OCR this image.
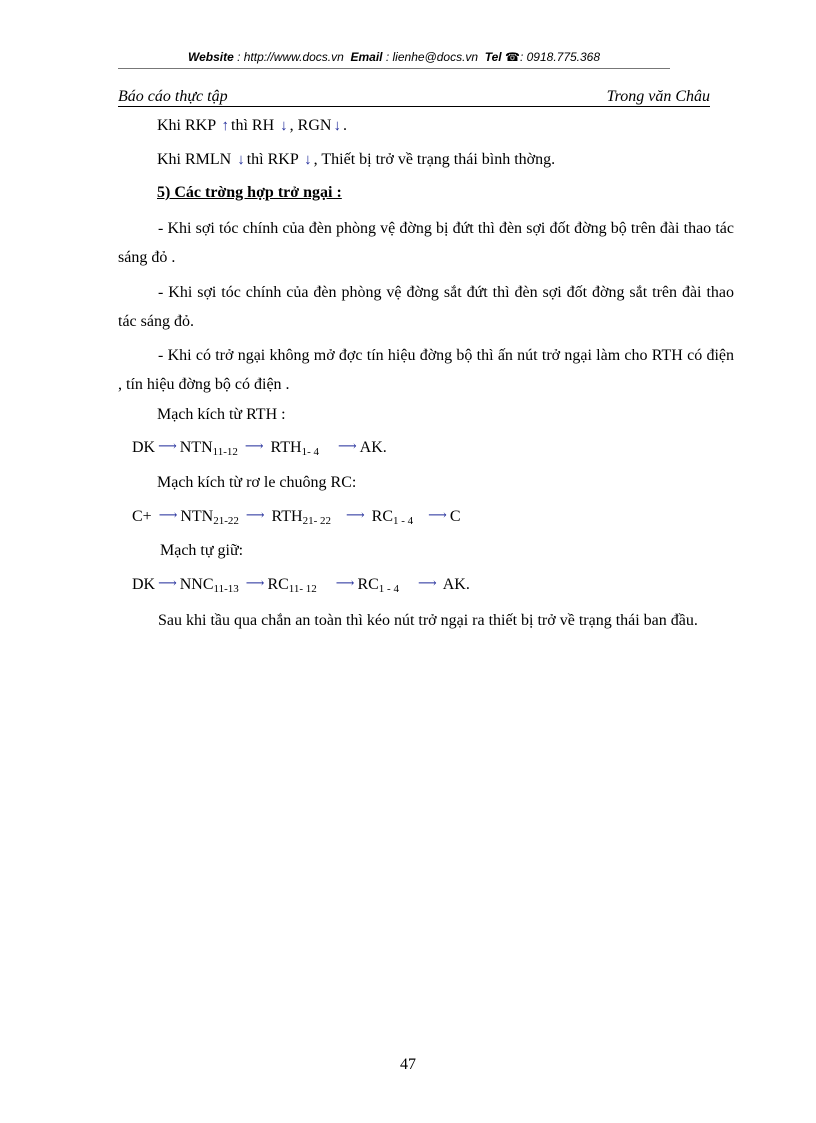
Website : http://www.docs.vn Email : lienhe@docs.vn Tel ☎: 0918.775.368
Báo cáo thực tập	Trong văn Châu
Khi RKP ↑ thì RH ↓ , RGN ↓ .
Khi RMLN ↓ thì RKP ↓ , Thiết bị trở về trạng thái bình thờng.
5) Các trờng hợp trở ngại :
- Khi sợi tóc chính của đèn phòng vệ đờng bị đứt thì đèn sợi đốt đờng bộ trên đài thao tác sáng đỏ .
- Khi sợi tóc chính của đèn phòng vệ đờng sắt đứt thì đèn sợi đốt đờng sắt trên đài thao tác sáng đỏ.
- Khi có trở ngại không mở đợc tín hiệu đờng bộ thì ấn nút trở ngại làm cho RTH có điện , tín hiệu đờng bộ có điện .
Mạch kích từ RTH :
DK ⟶ $NTN_{11-12}$ ⟶ $RTH_{1- 4}$ ⟶ AK.
Mạch kích từ rơ le chuông RC:
C+ ⟶ $NTN_{21-22}$ ⟶ $RTH_{21- 22}$ ⟶ $RC_{1 - 4}$ ⟶ C
Mạch tự giữ:
DK ⟶ $NNC_{11-13}$ ⟶ $RC_{11- 12}$ ⟶ $RC_{1 - 4}$ ⟶ AK.
Sau khi tầu qua chắn an toàn thì kéo nút trở ngại ra thiết bị trở về trạng thái ban đầu.
47
